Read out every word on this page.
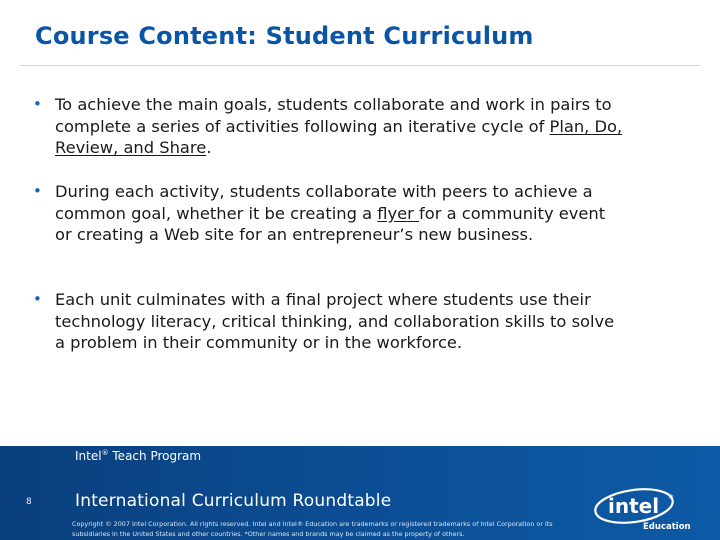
Course Content: Student Curriculum
• To achieve the main goals, students collaborate and work in pairs to complete a series of activities following an iterative cycle of Plan, Do, Review, and Share.
• During each activity, students collaborate with peers to achieve a common goal, whether it be creating a flyer for a community event or creating a Web site for an entrepreneur’s new business.
• Each unit culminates with a final project where students use their technology literacy, critical thinking, and collaboration skills to solve a problem in their community or in the workforce.
8
Intel® Teach Program
International Curriculum Roundtable
Copyright © 2007 Intel Corporation. All rights reserved. Intel and Intel® Education are trademarks or registered trademarks of Intel Corporation or its subsidiaries in the United States and other countries. *Other names and brands may be claimed as the property of others.
intel ®
Education
